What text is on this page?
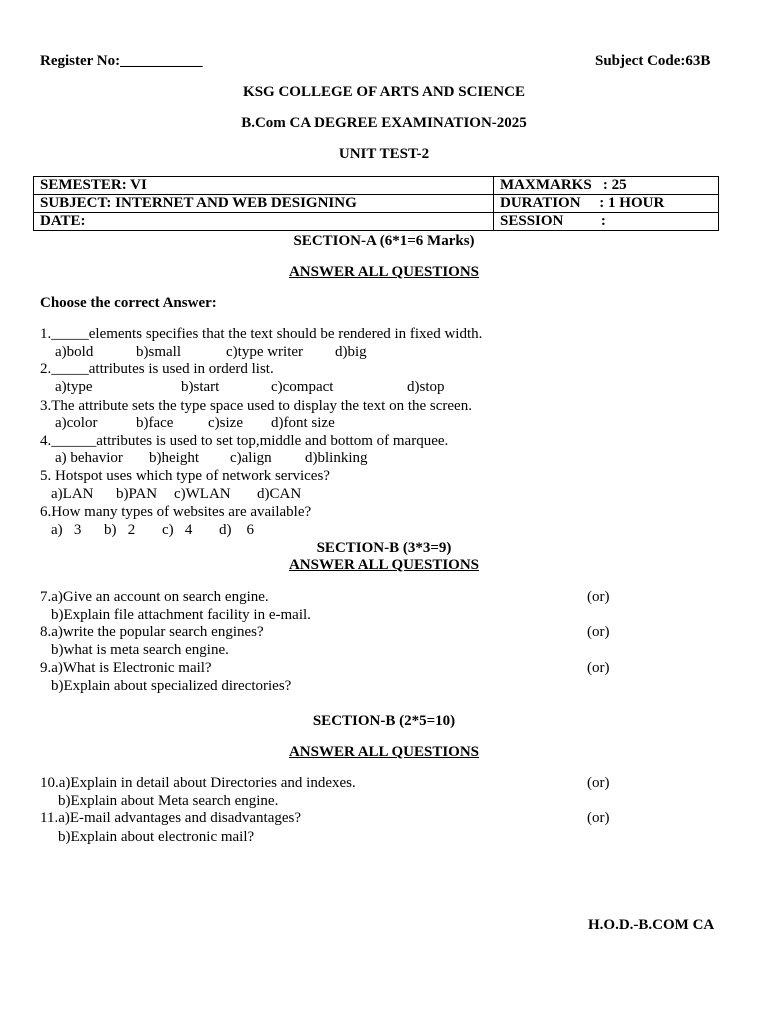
Register No:___________	Subject Code:63B
KSG COLLEGE OF ARTS AND SCIENCE
B.Com CA DEGREE EXAMINATION-2025
UNIT TEST-2
SEMESTER: VI	MAXMARKS   : 25
SUBJECT: INTERNET AND WEB DESIGNING	DURATION     : 1 HOUR
DATE:	SESSION          :
SECTION-A (6*1=6 Marks)
ANSWER ALL QUESTIONS
Choose the correct Answer:
1._____elements specifies that the text should be rendered in fixed width.
a)bold	b)small	c)type writer d)big
2._____attributes is used in orderd list.
a)type	b)start	c)compact	d)stop
3.The attribute sets the type space used to display the text on the screen.
a)color	b)face c)size d)font size
4.______attributes is used to set top,middle and bottom of marquee.
a) behavior b)height c)align d)blinking
5. Hotspot uses which type of network services?
a)LAN b)PAN c)WLAN d)CAN
6.How many types of websites are available?
a)   3 b)   2 c)   4 d)    6
SECTION-B (3*3=9)
ANSWER ALL QUESTIONS
7.a)Give an account on search engine.	(or)
b)Explain file attachment facility in e-mail.
8.a)write the popular search engines?	(or)
b)what is meta search engine.
9.a)What is Electronic mail?	(or)
b)Explain about specialized directories?
SECTION-B (2*5=10)
ANSWER ALL QUESTIONS
10.a)Explain in detail about Directories and indexes.	(or)
b)Explain about Meta search engine.
11.a)E-mail advantages and disadvantages?	(or)
b)Explain about electronic mail?
H.O.D.-B.COM CA
